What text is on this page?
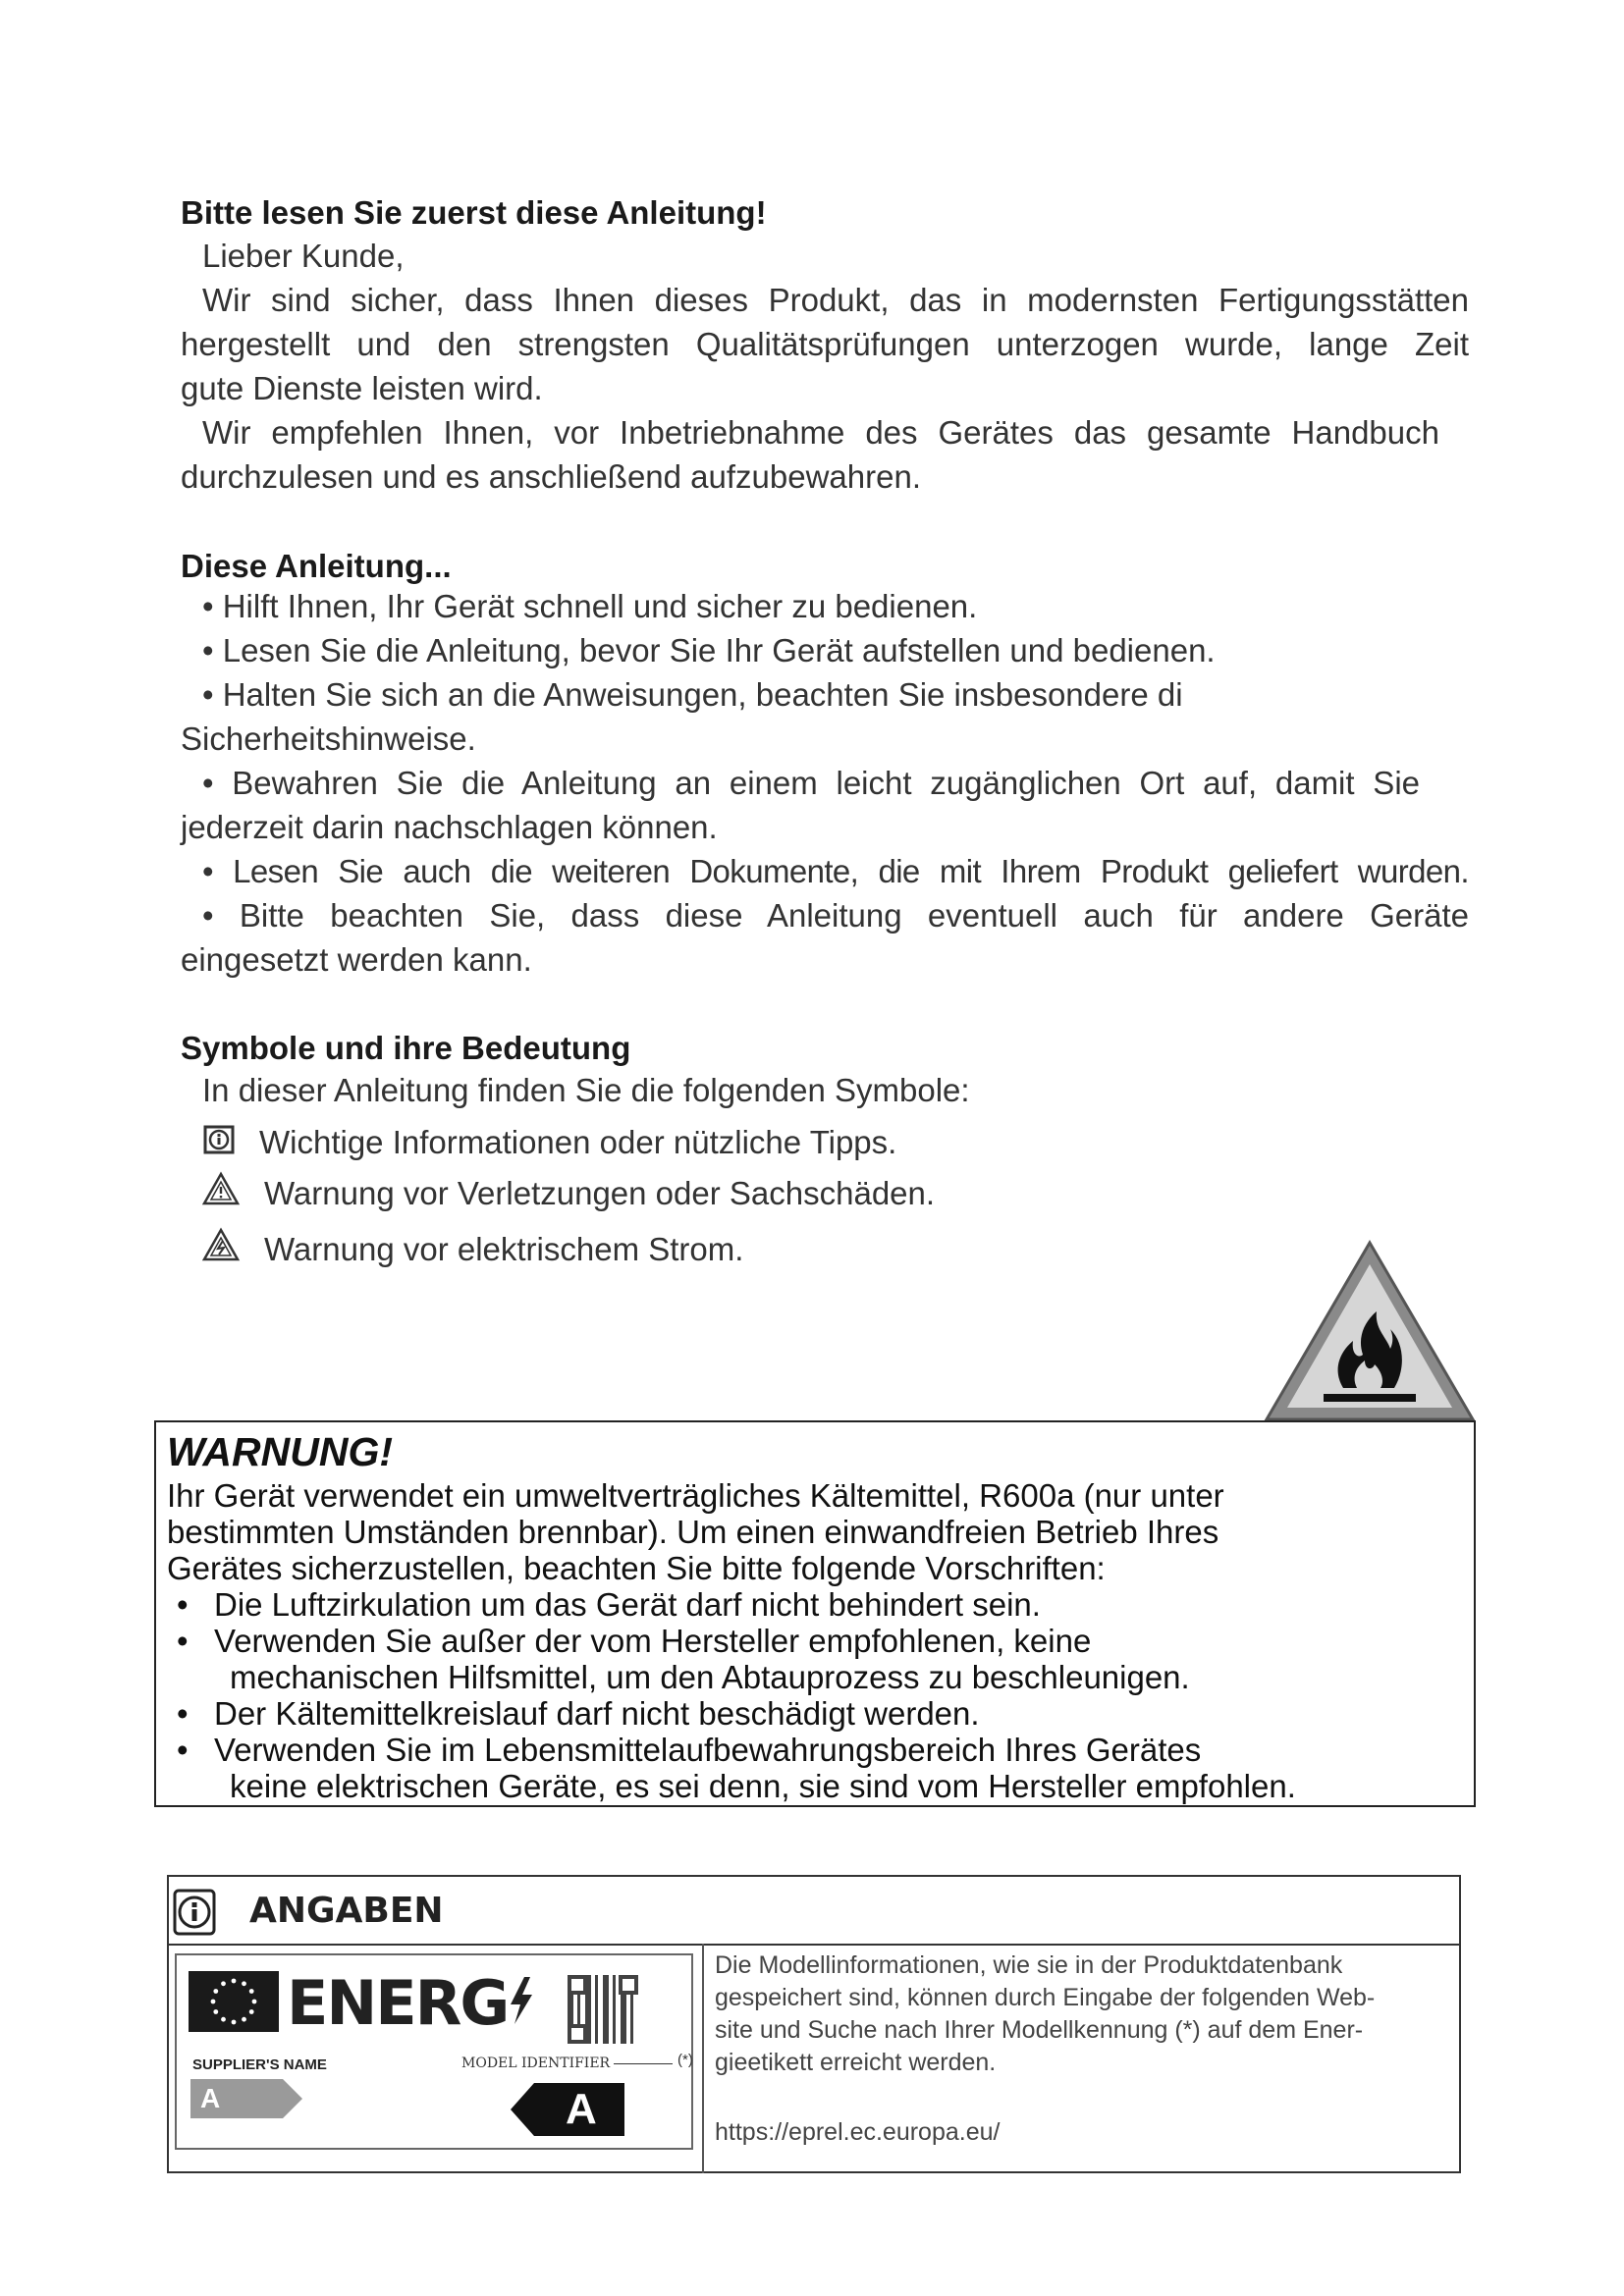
Bitte lesen Sie zuerst diese Anleitung!
Lieber Kunde,
Wir sind sicher, dass Ihnen dieses Produkt, das in modernsten Fertigungsstätten
hergestellt und den strengsten Qualitätsprüfungen unterzogen wurde, lange Zeit
gute Dienste leisten wird.
Wir empfehlen Ihnen, vor Inbetriebnahme des Gerätes das gesamte Handbuch
durchzulesen und es anschließend aufzubewahren.
Diese Anleitung...
• Hilft Ihnen, Ihr Gerät schnell und sicher zu bedienen.
• Lesen Sie die Anleitung, bevor Sie Ihr Gerät aufstellen und bedienen.
• Halten Sie sich an die Anweisungen, beachten Sie insbesondere di
Sicherheitshinweise.
• Bewahren Sie die Anleitung an einem leicht zugänglichen Ort auf, damit Sie
jederzeit darin nachschlagen können.
• Lesen Sie auch die weiteren Dokumente, die mit Ihrem Produkt geliefert wurden.
• Bitte beachten Sie, dass diese Anleitung eventuell auch für andere Geräte
eingesetzt werden kann.
Symbole und ihre Bedeutung
In dieser Anleitung finden Sie die folgenden Symbole:
Wichtige Informationen oder nützliche Tipps.
Warnung vor Verletzungen oder Sachschäden.
Warnung vor elektrischem Strom.
WARNUNG!
Ihr Gerät verwendet ein umweltverträgliches Kältemittel, R600a (nur unter
bestimmten Umständen brennbar). Um einen einwandfreien Betrieb Ihres
Gerätes sicherzustellen, beachten Sie bitte folgende Vorschriften:
• Die Luftzirkulation um das Gerät darf nicht behindert sein.
• Verwenden Sie außer der vom Hersteller empfohlenen, keine
mechanischen Hilfsmittel, um den Abtauprozess zu beschleunigen.
• Der Kältemittelkreislauf darf nicht beschädigt werden.
• Verwenden Sie im Lebensmittelaufbewahrungsbereich Ihres Gerätes
keine elektrischen Geräte, es sei denn, sie sind vom Hersteller empfohlen.
ANGABEN
ENERG
SUPPLIER'S NAME	MODEL IDENTIFIER	(*)
A	A
Die Modellinformationen, wie sie in der Produktdatenbank
gespeichert sind, können durch Eingabe der folgenden Web-
site und Suche nach Ihrer Modellkennung (*) auf dem Ener-
gieetikett erreicht werden.
https://eprel.ec.europa.eu/
